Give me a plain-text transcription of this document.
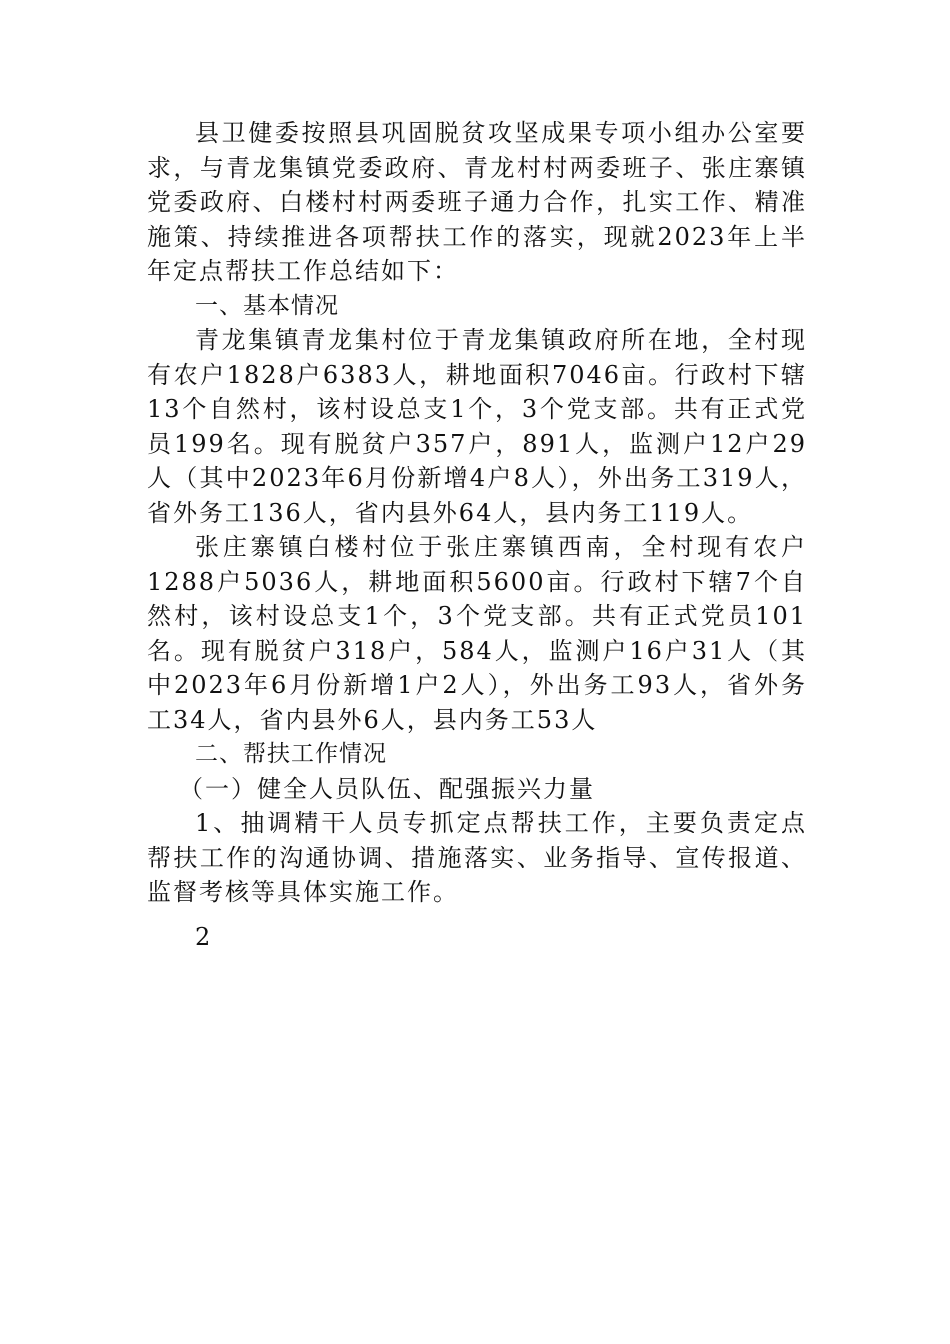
县卫健委按照县巩固脱贫攻坚成果专项小组办公室要求，与青龙集镇党委政府、青龙村村两委班子、张庄寨镇党委政府、白楼村村两委班子通力合作，扎实工作、精准施策、持续推进各项帮扶工作的落实，现就2023年上半年定点帮扶工作总结如下：

一、基本情况

青龙集镇青龙集村位于青龙集镇政府所在地，全村现有农户1828户6383人，耕地面积7046亩。行政村下辖13个自然村，该村设总支1个，3个党支部。共有正式党员199名。现有脱贫户357户，891人，监测户12户29人（其中2023年6月份新增4户8人），外出务工319人，省外务工136人，省内县外64人，县内务工119人。

张庄寨镇白楼村位于张庄寨镇西南，全村现有农户1288户5036人，耕地面积5600亩。行政村下辖7个自然村，该村设总支1个，3个党支部。共有正式党员101名。现有脱贫户318户，584人，监测户16户31人（其中2023年6月份新增1户2人），外出务工93人，省外务工34人，省内县外6人，县内务工53人

二、帮扶工作情况

（一）健全人员队伍、配强振兴力量

1、抽调精干人员专抓定点帮扶工作，主要负责定点帮扶工作的沟通协调、措施落实、业务指导、宣传报道、监督考核等具体实施工作。

2
